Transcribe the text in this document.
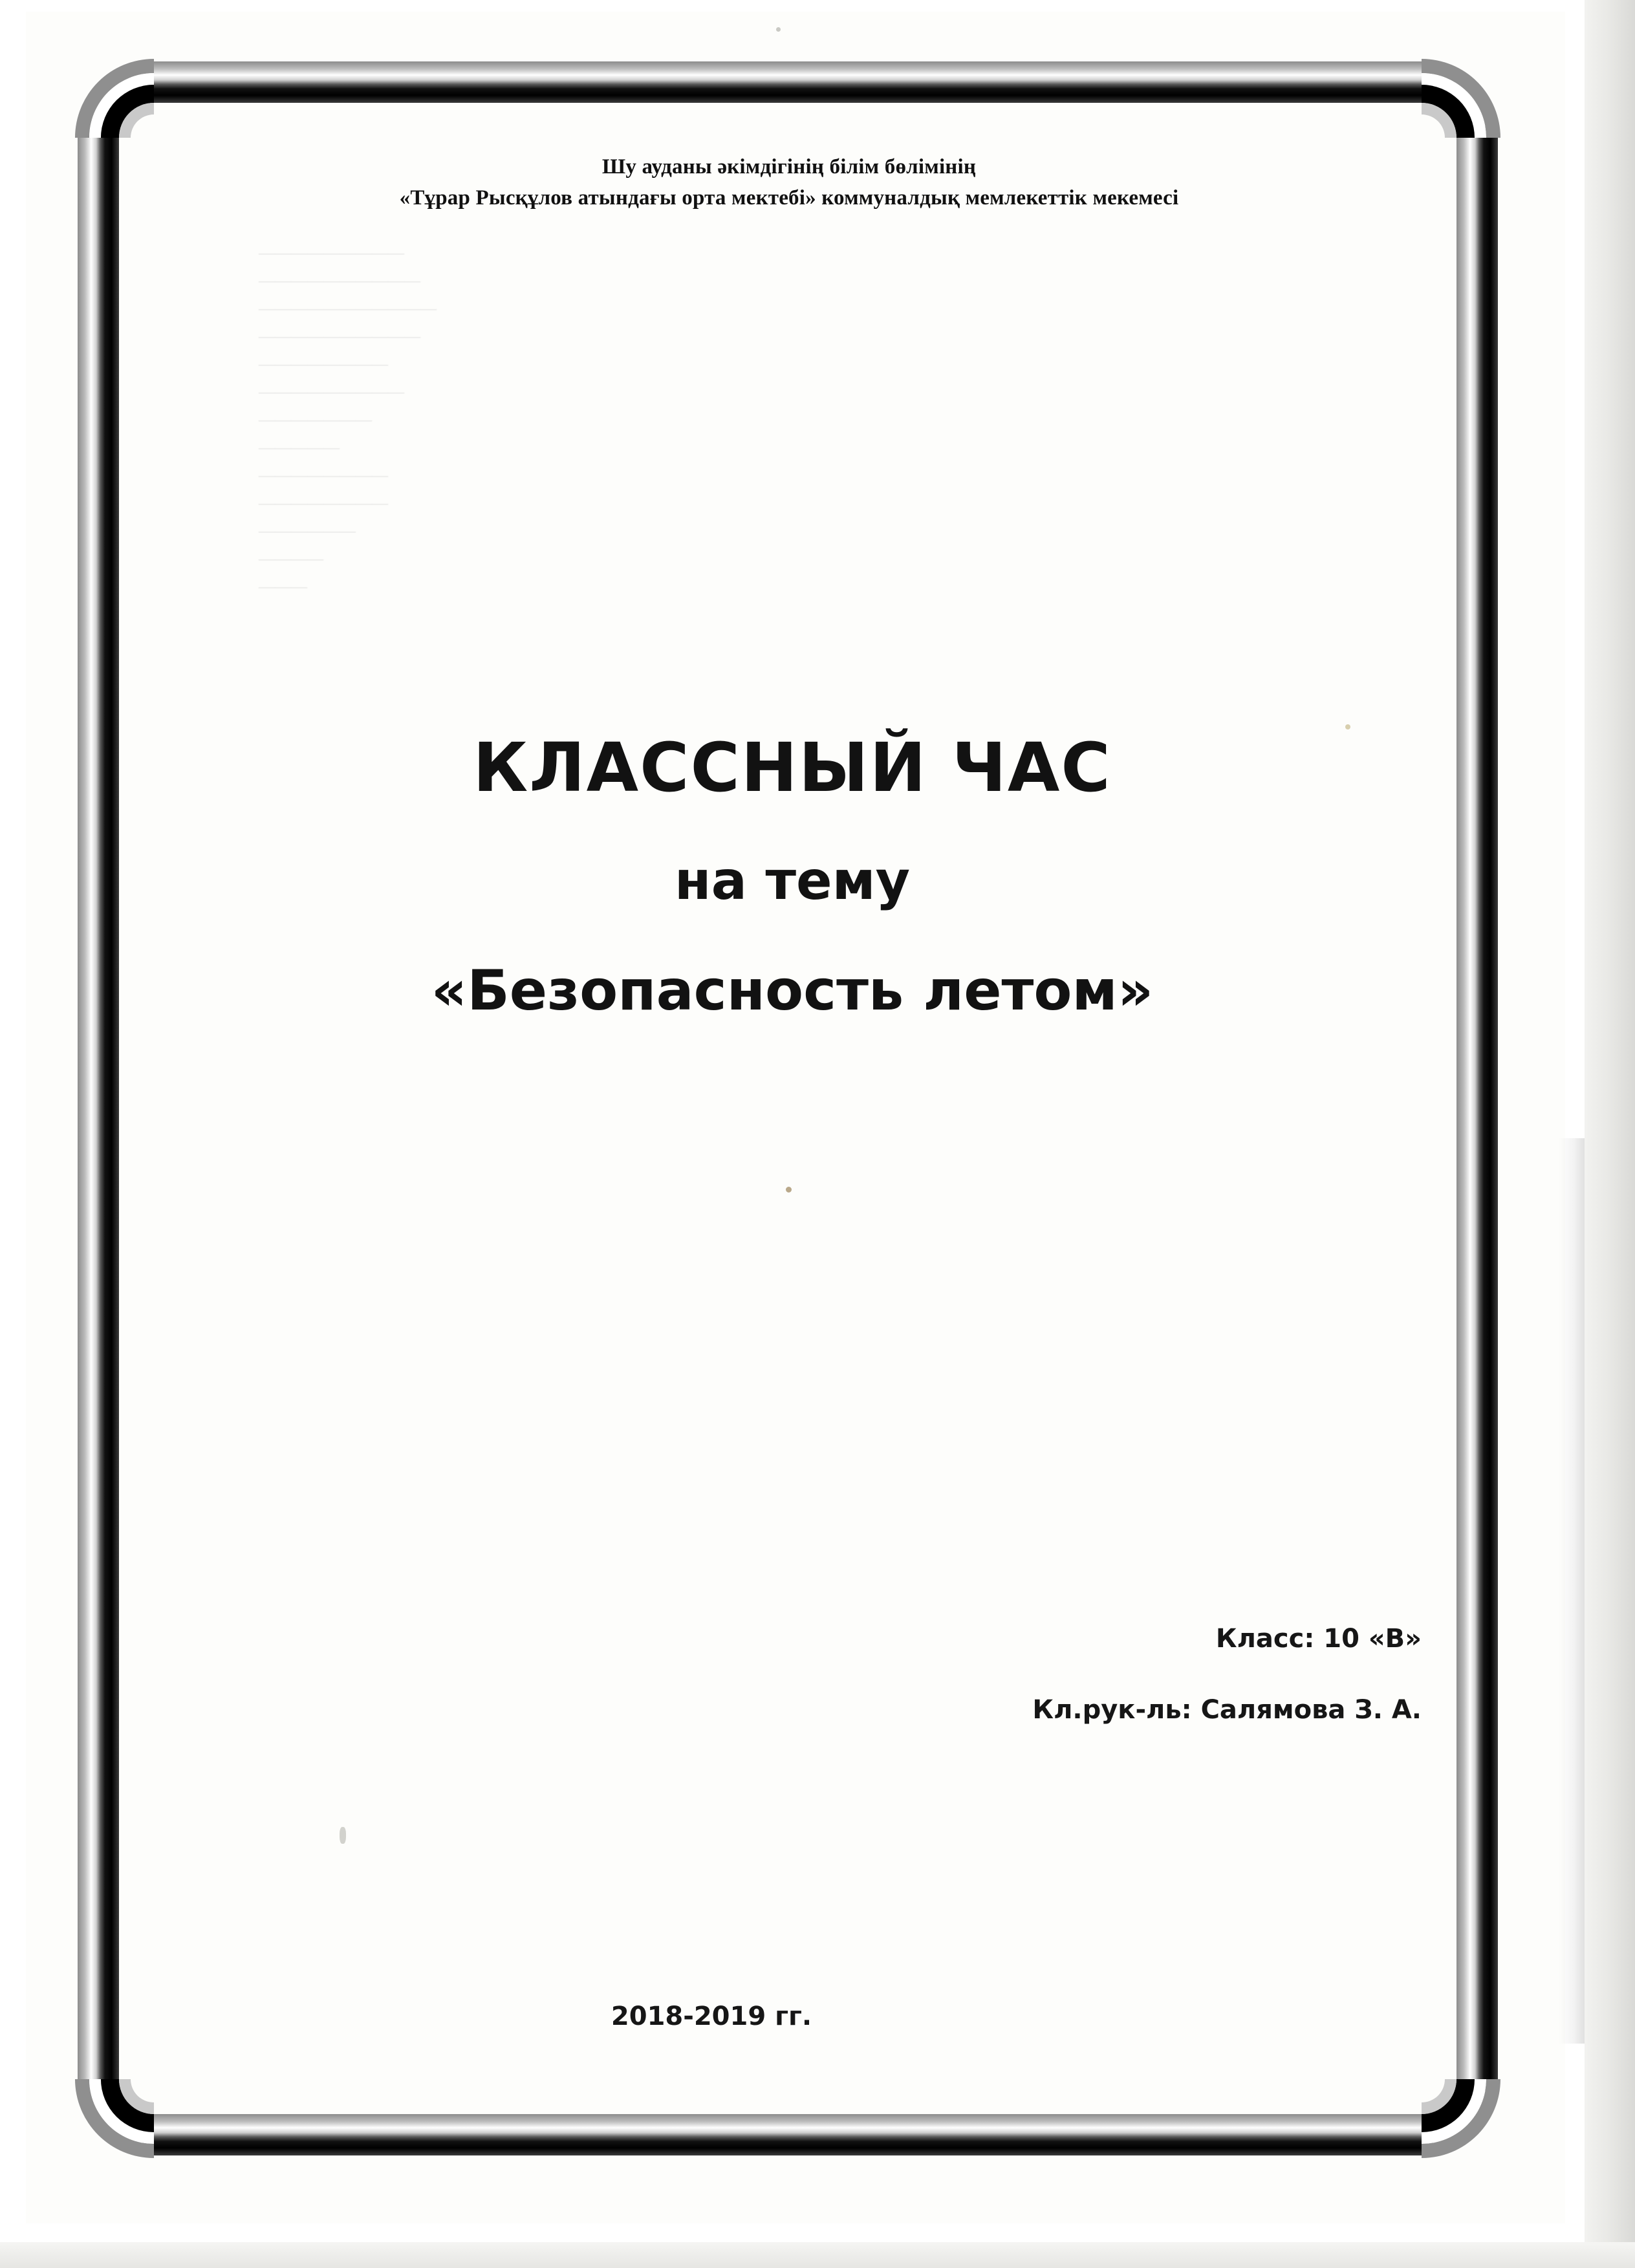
Шу ауданы әкімдігінің білім бөлімінің
«Тұрар Рысқұлов атындағы орта мектебі» коммуналдық мемлекеттік мекемесі
—————————
——————————
———————————
——————————
————————
—————————
———————
—————
————————
————————
——————
————
———
КЛАССНЫЙ ЧАС
на тему
«Безопасность летом»
Класс: 10 «В»
Кл.рук-ль: Салямова З. А.
2018-2019 гг.
